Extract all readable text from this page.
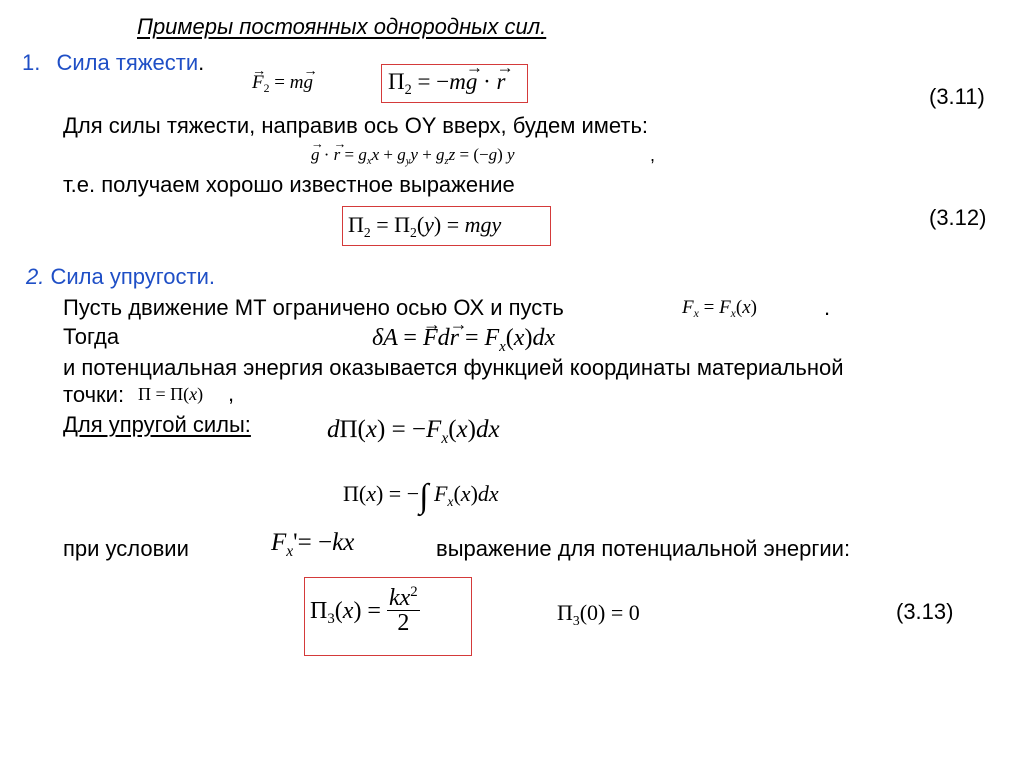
Примеры постоянных однородных сил.
1. Сила тяжести.
→ $F_2 = m\to g$	$\Pi_2 = -m\to g$ · → r
(3.11)
Для силы тяжести, направив ось OY вверх, будем иметь:
→ g · → $r = g_xx + g_yy + g_zz = (-g)$ y	,
т.е. получаем хорошо известное выражение
$\Pi_2 = \Pi_2(y)$ = mgy	(3.12)
2. Сила упругости.
Пусть движение МТ ограничено осью ОХ и пусть	$F_x = F_x(x)$	.
Тогда	δA = → $Fd\to r = F_x(x)dx$
и потенциальная энергия оказывается функцией координаты материальной
точки: Π = Π(x) ,
Для упругой силы:	$d\Pi(x) = -F_x(x)dx$
Π(x) = −∫ $F_x(x)dx$
при условии	$F_x'= -kx$	выражение для потенциальной энергии:
$\Pi_3(x) = \frac{kx^2}{2}$	$\Pi_3(0) = 0$	(3.13)
